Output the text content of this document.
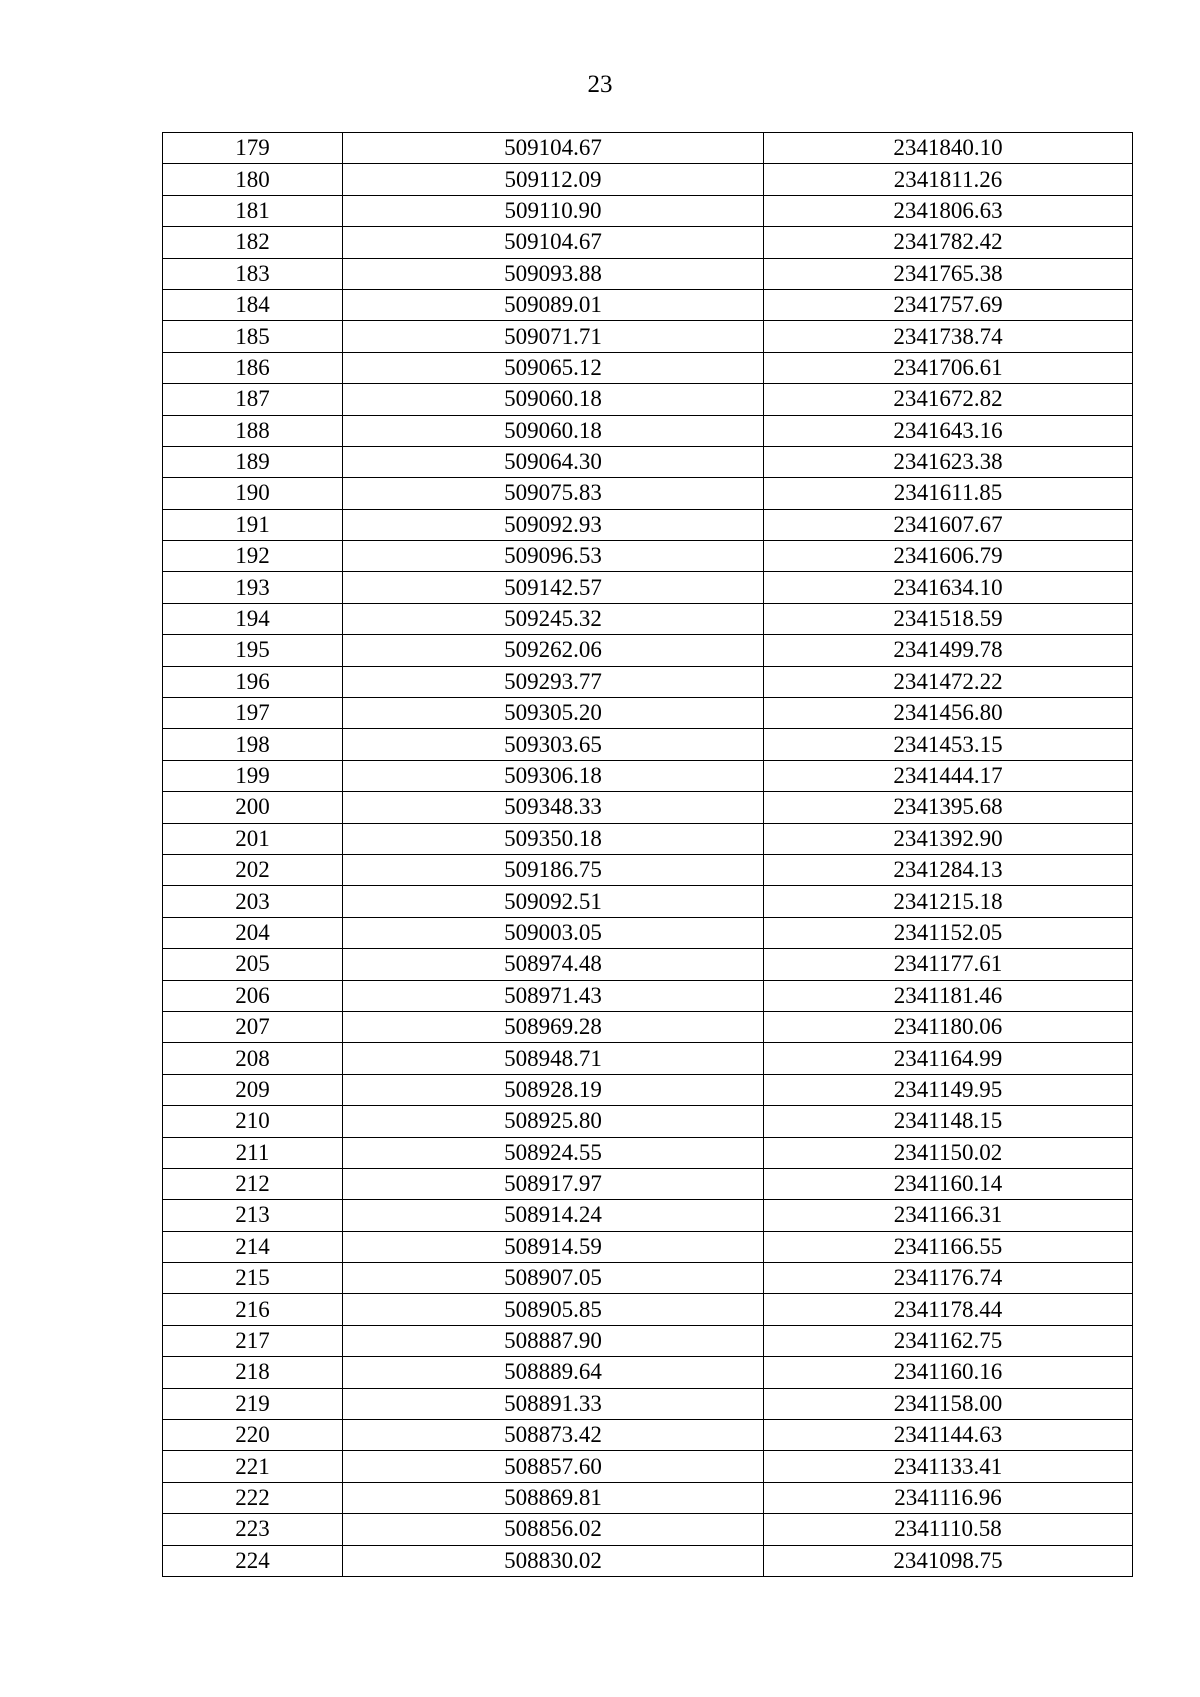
23
179	509104.67	2341840.10
180	509112.09	2341811.26
181	509110.90	2341806.63
182	509104.67	2341782.42
183	509093.88	2341765.38
184	509089.01	2341757.69
185	509071.71	2341738.74
186	509065.12	2341706.61
187	509060.18	2341672.82
188	509060.18	2341643.16
189	509064.30	2341623.38
190	509075.83	2341611.85
191	509092.93	2341607.67
192	509096.53	2341606.79
193	509142.57	2341634.10
194	509245.32	2341518.59
195	509262.06	2341499.78
196	509293.77	2341472.22
197	509305.20	2341456.80
198	509303.65	2341453.15
199	509306.18	2341444.17
200	509348.33	2341395.68
201	509350.18	2341392.90
202	509186.75	2341284.13
203	509092.51	2341215.18
204	509003.05	2341152.05
205	508974.48	2341177.61
206	508971.43	2341181.46
207	508969.28	2341180.06
208	508948.71	2341164.99
209	508928.19	2341149.95
210	508925.80	2341148.15
211	508924.55	2341150.02
212	508917.97	2341160.14
213	508914.24	2341166.31
214	508914.59	2341166.55
215	508907.05	2341176.74
216	508905.85	2341178.44
217	508887.90	2341162.75
218	508889.64	2341160.16
219	508891.33	2341158.00
220	508873.42	2341144.63
221	508857.60	2341133.41
222	508869.81	2341116.96
223	508856.02	2341110.58
224	508830.02	2341098.75
